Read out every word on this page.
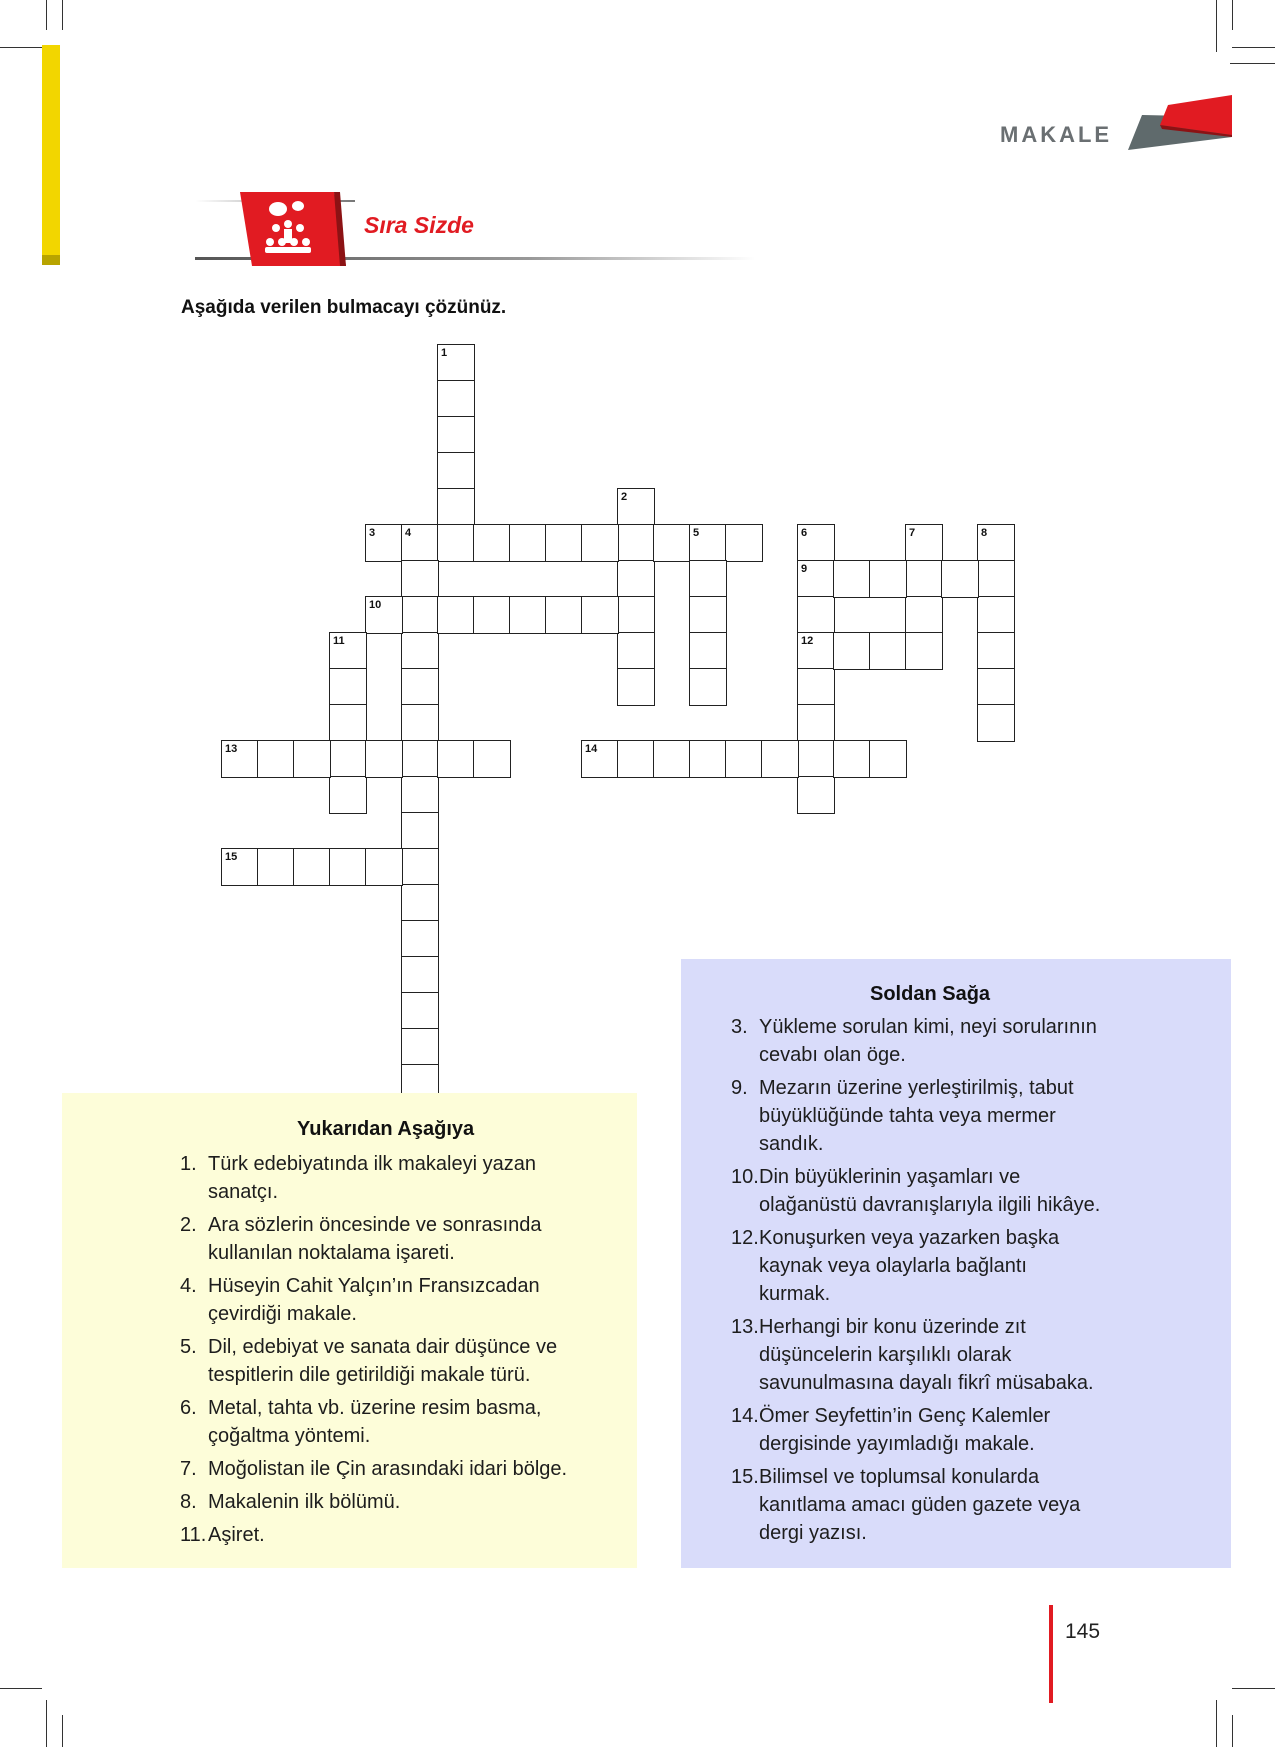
MAKALE
Sıra Sizde
Aşağıda verilen bulmacayı çözünüz.
1
2
3	4	5	6
9
12
7	8
10
11
13	14
15
Yukarıdan Aşağıya
1. Türk edebiyatında ilk makaleyi yazan
sanatçı.
2. Ara sözlerin öncesinde ve sonrasında
kullanılan noktalama işareti.
4. Hüseyin Cahit Yalçın’ın Fransızcadan
çevirdiği makale.
5. Dil, edebiyat ve sanata dair düşünce ve
tespitlerin dile getirildiği makale türü.
6. Metal, tahta vb. üzerine resim basma,
çoğaltma yöntemi.
7. Moğolistan ile Çin arasındaki idari bölge.
8. Makalenin ilk bölümü.
11. Aşiret.
Soldan Sağa
3. Yükleme sorulan kimi, neyi sorularının
cevabı olan öge.
9. Mezarın üzerine yerleştirilmiş, tabut
büyüklüğünde tahta veya mermer
sandık.
10. Din büyüklerinin yaşamları ve
olağanüstü davranışlarıyla ilgili hikâye.
12. Konuşurken veya yazarken başka
kaynak veya olaylarla bağlantı
kurmak.
13. Herhangi bir konu üzerinde zıt
düşüncelerin karşılıklı olarak
savunulmasına dayalı fikrî müsabaka.
14. Ömer Seyfettin’in Genç Kalemler
dergisinde yayımladığı makale.
15. Bilimsel ve toplumsal konularda
kanıtlama amacı güden gazete veya
dergi yazısı.
145
